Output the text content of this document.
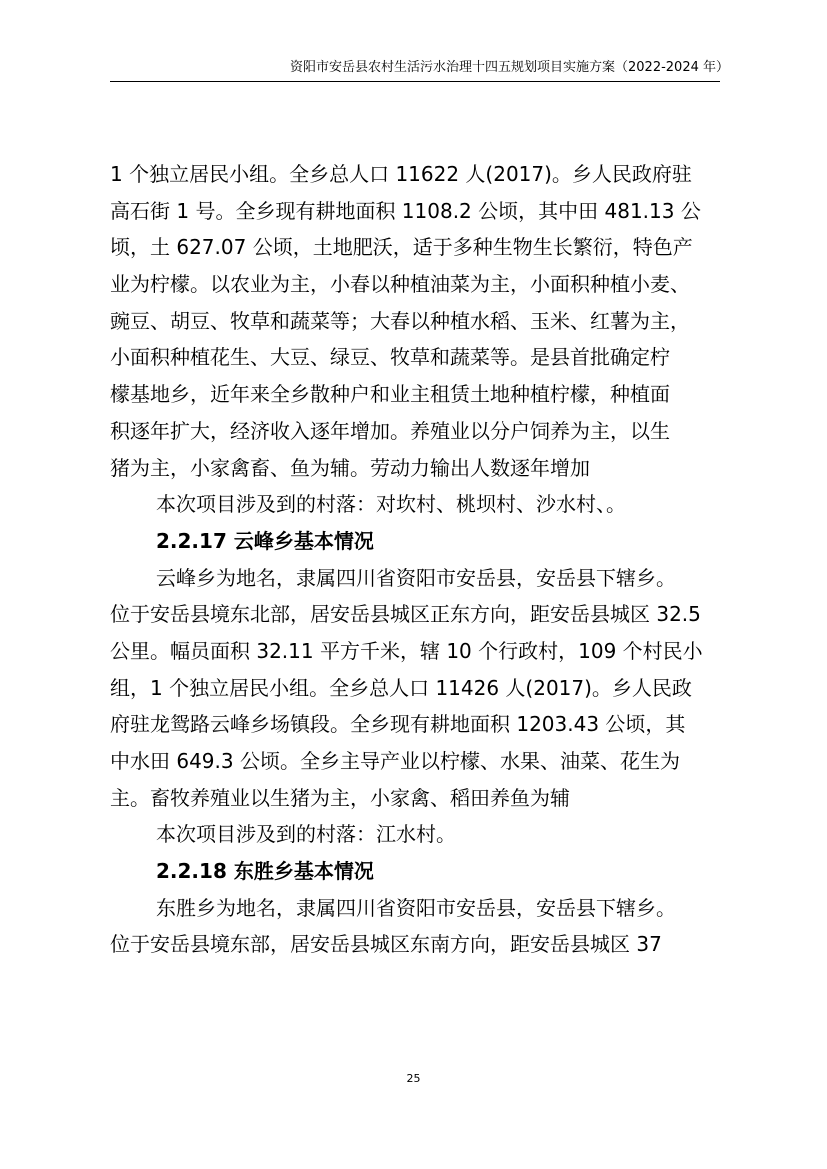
资阳市安岳县农村生活污水治理十四五规划项目实施方案（2022-2024 年）
1 个独立居民小组。全乡总人口 11622 人(2017)。乡人民政府驻
高石街 1 号。全乡现有耕地面积 1108.2 公顷，其中田 481.13 公
顷，土 627.07 公顷，土地肥沃，适于多种生物生长繁衍，特色产
业为柠檬。以农业为主，小春以种植油菜为主，小面积种植小麦、
豌豆、胡豆、牧草和蔬菜等；大春以种植水稻、玉米、红薯为主，
小面积种植花生、大豆、绿豆、牧草和蔬菜等。是县首批确定柠
檬基地乡，近年来全乡散种户和业主租赁土地种植柠檬，种植面
积逐年扩大，经济收入逐年增加。养殖业以分户饲养为主，以生
猪为主，小家禽畜、鱼为辅。劳动力输出人数逐年增加
本次项目涉及到的村落：对坎村、桃坝村、沙水村、。
2.2.17 云峰乡基本情况
云峰乡为地名，隶属四川省资阳市安岳县，安岳县下辖乡。
位于安岳县境东北部，居安岳县城区正东方向，距安岳县城区 32.5
公里。幅员面积 32.11 平方千米，辖 10 个行政村，109 个村民小
组，1 个独立居民小组。全乡总人口 11426 人(2017)。乡人民政
府驻龙鸳路云峰乡场镇段。全乡现有耕地面积 1203.43 公顷，其
中水田 649.3 公顷。全乡主导产业以柠檬、水果、油菜、花生为
主。畜牧养殖业以生猪为主，小家禽、稻田养鱼为辅
本次项目涉及到的村落：江水村。
2.2.18 东胜乡基本情况
东胜乡为地名，隶属四川省资阳市安岳县，安岳县下辖乡。
位于安岳县境东部，居安岳县城区东南方向，距安岳县城区 37
25
